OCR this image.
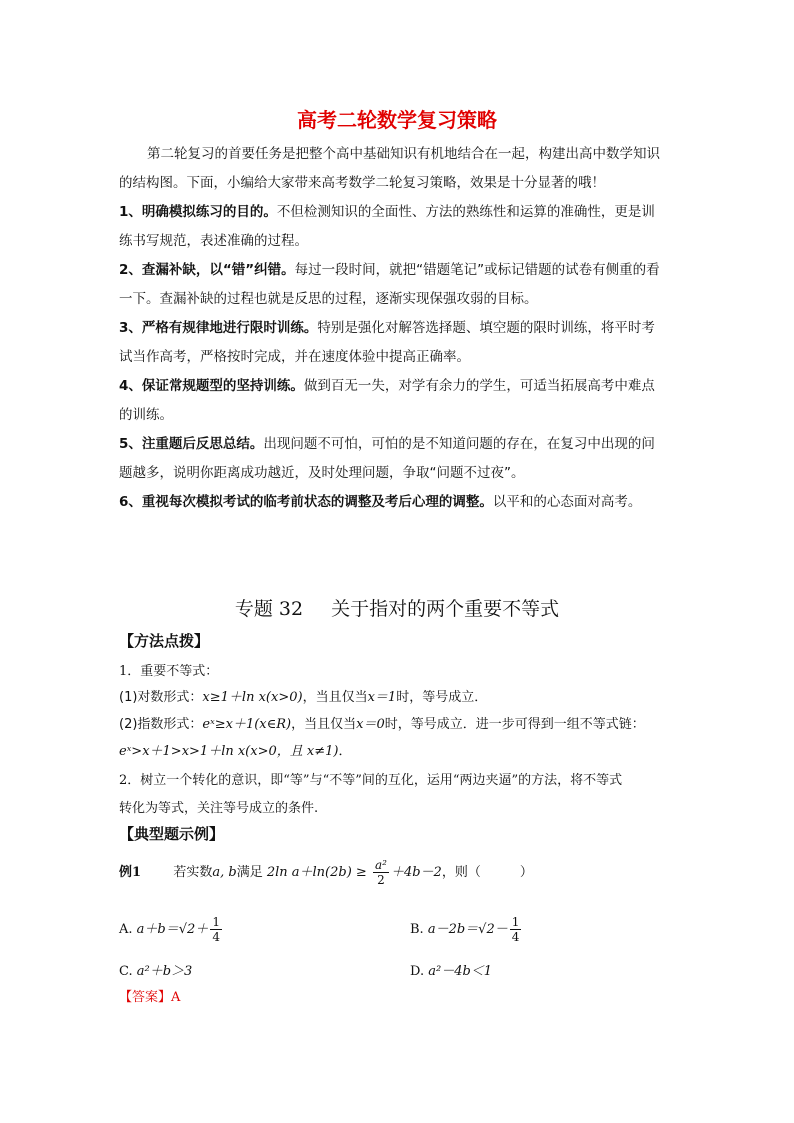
高考二轮数学复习策略
第二轮复习的首要任务是把整个高中基础知识有机地结合在一起，构建出高中数学知识
的结构图。下面，小编给大家带来高考数学二轮复习策略，效果是十分显著的哦！
1、明确模拟练习的目的。不但检测知识的全面性、方法的熟练性和运算的准确性，更是训
练书写规范，表述准确的过程。
2、查漏补缺，以“错”纠错。每过一段时间，就把“错题笔记”或标记错题的试卷有侧重的看
一下。查漏补缺的过程也就是反思的过程，逐渐实现保强攻弱的目标。
3、严格有规律地进行限时训练。特别是强化对解答选择题、填空题的限时训练，将平时考
试当作高考，严格按时完成，并在速度体验中提高正确率。
4、保证常规题型的坚持训练。做到百无一失，对学有余力的学生，可适当拓展高考中难点
的训练。
5、注重题后反思总结。出现问题不可怕，可怕的是不知道问题的存在，在复习中出现的问
题越多，说明你距离成功越近，及时处理问题，争取“问题不过夜”。
6、重视每次模拟考试的临考前状态的调整及考后心理的调整。以平和的心态面对高考。
专题 32 关于指对的两个重要不等式
【方法点拨】
1．重要不等式：
(1)对数形式：x≥1＋ln x(x>0)，当且仅当x＝1时，等号成立．
(2)指数形式：eˣ≥x＋1(x∈R)，当且仅当x＝0时，等号成立．进一步可得到一组不等式链：
eˣ>x＋1>x>1＋ln x(x>0，且 x≠1)．
2．树立一个转化的意识，即“等”与“不等”间的互化，运用“两边夹逼”的方法，将不等式
转化为等式，关注等号成立的条件.
【典型题示例】
例1 若实数a, b满足 2ln $a+\ln(2b) \ge \frac{\text{a²}}{2} +4b-2$，则（　　　）
A. $a+b=√2+ \frac{1}{4}$	B. $a-2b=√2- \frac{1}{4}$
C. a²＋b＞3	D. a²－4b＜1
【答案】A
